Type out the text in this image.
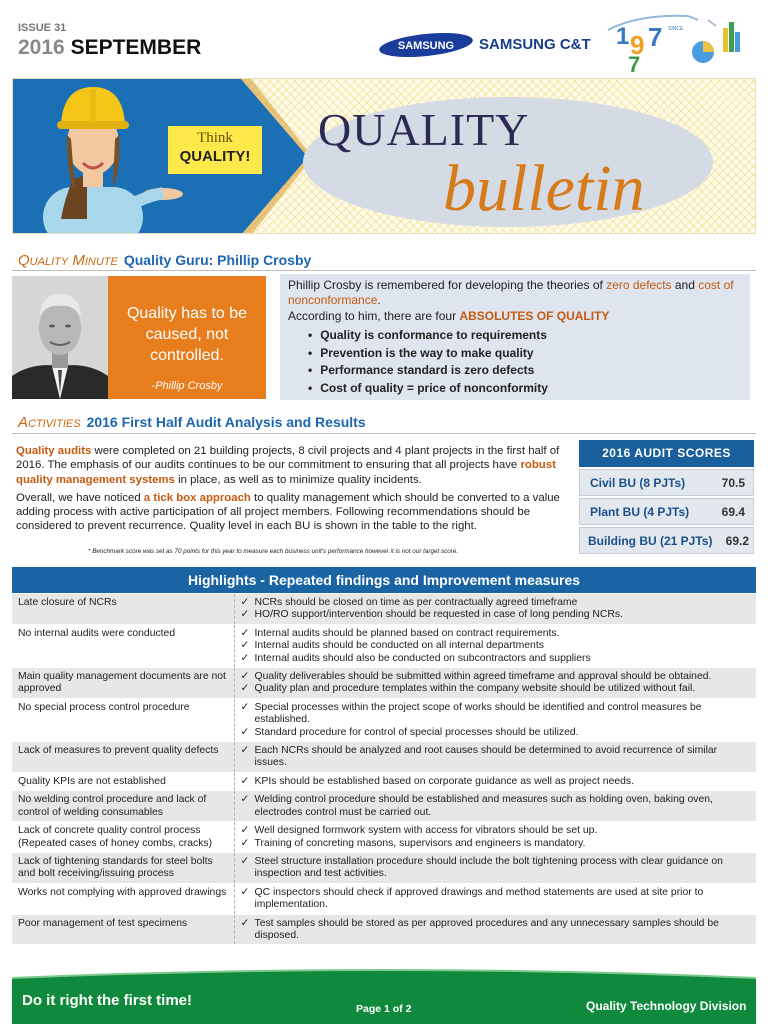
ISSUE 31
2016 SEPTEMBER	SAMSUNG SAMSUNG C&T 1 9 7
7
SINCE
Think
QUALITY!
QUALITY
bulletin
Quality Minute Quality Guru: Phillip Crosby
Quality has to be caused, not controlled.
-Phillip Crosby
Phillip Crosby is remembered for developing the theories of zero defects and cost of nonconformance.
According to him, there are four ABSOLUTES OF QUALITY
• Quality is conformance to requirements
• Prevention is the way to make quality
• Performance standard is zero defects
• Cost of quality = price of nonconformity
Activities 2016 First Half Audit Analysis and Results

Quality audits were completed on 21 building projects, 8 civil projects and 4 plant projects in the first half of 2016. The emphasis of our audits continues to be our commitment to ensuring that all projects have robust quality management systems in place, as well as to minimize quality incidents.

Overall, we have noticed a tick box approach to quality management which should be converted to a value adding process with active participation of all project members. Following recommendations should be considered to prevent recurrence. Quality level in each BU is shown in the table to the right.

* Benchmark score was set as 70 points for this year to measure each business unit's performance however it is not our target score.
2016 AUDIT SCORES
Civil BU (8 PJTs)	70.5
Plant BU (4 PJTs)	69.4
Building BU (21 PJTs) 69.2
Highlights - Repeated findings and Improvement measures
Late closure of NCRs	✓ NCRs should be closed on time as per contractually agreed timeframe
✓ HO/RO support/intervention should be requested in case of long pending NCRs.

No internal audits were conducted	✓ Internal audits should be planned based on contract requirements.
✓ Internal audits should be conducted on all internal departments
✓ Internal audits should also be conducted on subcontractors and suppliers

Main quality management documents are not approved	✓ Quality deliverables should be submitted within agreed timeframe and approval should be obtained.
✓ Quality plan and procedure templates within the company website should be utilized without fail.

No special process control procedure	✓ Special processes within the project scope of works should be identified and control measures be established.
✓ Standard procedure for control of special processes should be utilized.

Lack of measures to prevent quality defects	✓ Each NCRs should be analyzed and root causes should be determined to avoid recurrence of similar issues.

Quality KPIs are not established	✓ KPIs should be established based on corporate guidance as well as project needs.

No welding control procedure and lack of control of welding consumables	✓ Welding control procedure should be established and measures such as holding oven, baking oven, electrodes control must be carried out.

Lack of concrete quality control process (Repeated cases of honey combs, cracks)	✓ Well designed formwork system with access for vibrators should be set up.
✓ Training of concreting masons, supervisors and engineers is mandatory.

Lack of tightening standards for steel bolts and bolt receiving/issuing process	✓ Steel structure installation procedure should include the bolt tightening process with clear guidance on inspection and test activities.

Works not complying with approved drawings	✓ QC inspectors should check if approved drawings and method statements are used at site prior to implementation.

Poor management of test specimens	✓ Test samples should be stored as per approved procedures and any unnecessary samples should be disposed.
Do it right the first time!	Page 1 of 2	Quality Technology Division
